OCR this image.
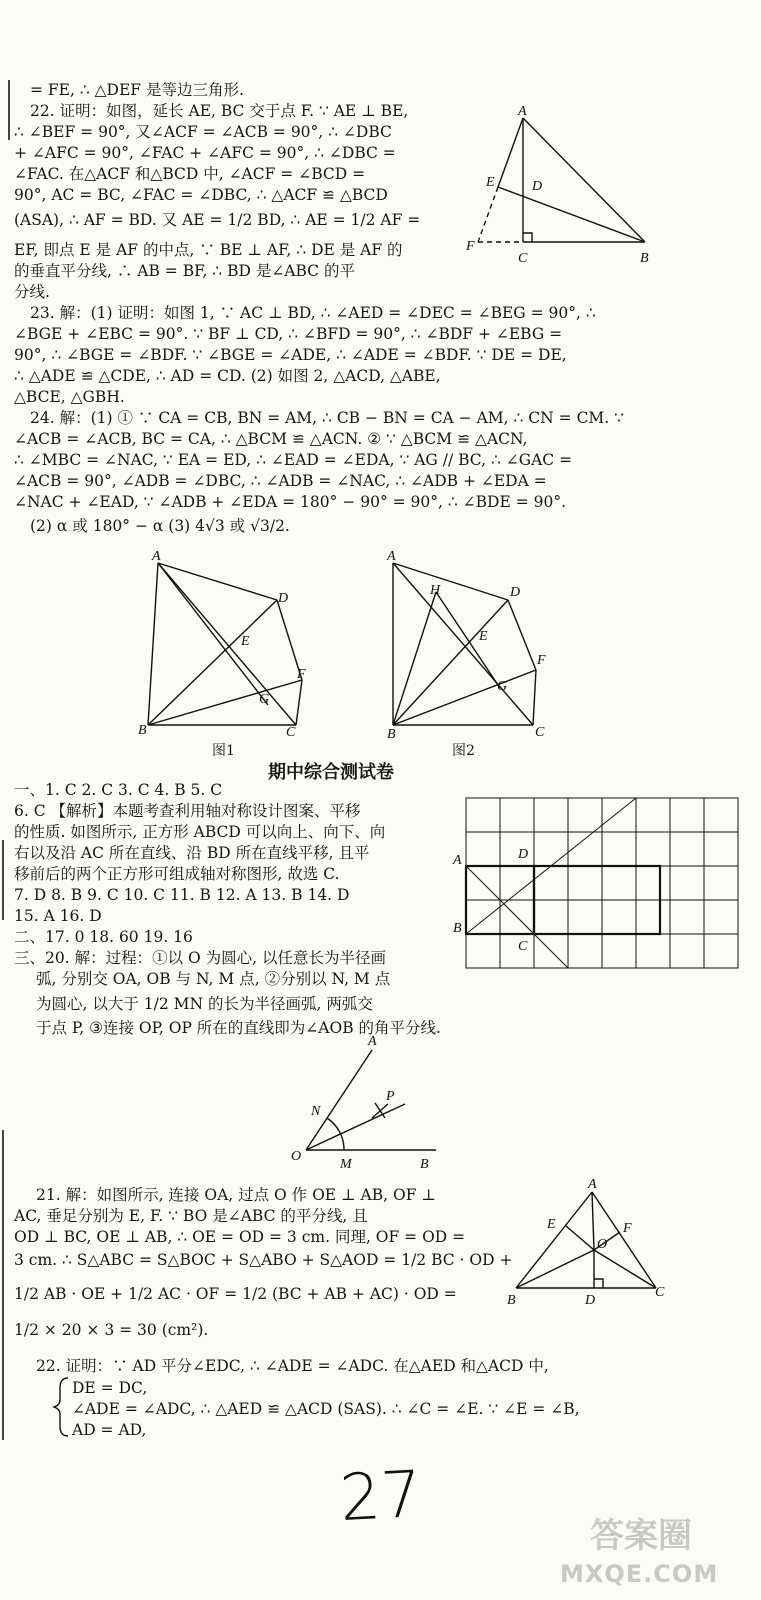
= FE, ∴ △DEF 是等边三角形.
22. 证明：如图，延长 AE, BC 交于点 F. ∵ AE ⊥ BE,
∴ ∠BEF = 90°, 又∠ACF = ∠ACB = 90°, ∴ ∠DBC
+ ∠AFC = 90°, ∠FAC + ∠AFC = 90°, ∴ ∠DBC =
∠FAC. 在△ACF 和△BCD 中, ∠ACF = ∠BCD =
90°, AC = BC, ∠FAC = ∠DBC, ∴ △ACF ≌ △BCD
(ASA), ∴ AF = BD. 又 AE = 1/2 BD, ∴ AE = 1/2 AF =
EF, 即点 E 是 AF 的中点, ∵ BE ⊥ AF, ∴ DE 是 AF 的
的垂直平分线, ∴ AB = BF, ∴ BD 是∠ABC 的平
分线.
23. 解：(1) 证明：如图 1, ∵ AC ⊥ BD, ∴ ∠AED = ∠DEC = ∠BEG = 90°, ∴
∠BGE + ∠EBC = 90°. ∵ BF ⊥ CD, ∴ ∠BFD = 90°, ∴ ∠BDF + ∠EBG =
90°, ∴ ∠BGE = ∠BDF. ∵ ∠BGE = ∠ADE, ∴ ∠ADE = ∠BDF. ∵ DE = DE,
∴ △ADE ≌ △CDE, ∴ AD = CD. (2) 如图 2, △ACD, △ABE,
△BCE, △GBH.
24. 解：(1) ① ∵ CA = CB, BN = AM, ∴ CB − BN = CA − AM, ∴ CN = CM. ∵
∠ACB = ∠ACB, BC = CA, ∴ △BCM ≌ △ACN. ② ∵ △BCM ≌ △ACN,
∴ ∠MBC = ∠NAC, ∵ EA = ED, ∴ ∠EAD = ∠EDA, ∵ AG // BC, ∴ ∠GAC =
∠ACB = 90°, ∠ADB = ∠DBC, ∴ ∠ADB = ∠NAC, ∴ ∠ADB + ∠EDA =
∠NAC + ∠EAD, ∵ ∠ADB + ∠EDA = 180° − 90° = 90°, ∴ ∠BDE = 90°.
(2) α 或 180° − α (3) 4√3 或 √3/2.
A
E	D
F
C	B
A
D
E
F
G
B	C
A
D
H
E
F
G
B	C
A	D
B
C
A
N
P
O
M	B
A
E	F
O
B	D
C
图1	图2
期中综合测试卷
一、1. C 2. C 3. C 4. B 5. C
6. C 【解析】本题考查利用轴对称设计图案、平移
的性质. 如图所示, 正方形 ABCD 可以向上、向下、向
右以及沿 AC 所在直线、沿 BD 所在直线平移, 且平
移前后的两个正方形可组成轴对称图形, 故选 C.
7. D 8. B 9. C 10. C 11. B 12. A 13. B 14. D
15. A 16. D
二、17. 0 18. 60 19. 16
三、20. 解：过程：①以 O 为圆心, 以任意长为半径画
弧, 分别交 OA, OB 与 N, M 点, ②分别以 N, M 点
为圆心, 以大于 1/2 MN 的长为半径画弧, 两弧交
于点 P, ③连接 OP, OP 所在的直线即为∠AOB 的角平分线.
21. 解：如图所示, 连接 OA, 过点 O 作 OE ⊥ AB, OF ⊥
AC, 垂足分别为 E, F. ∵ BO 是∠ABC 的平分线, 且
OD ⊥ BC, OE ⊥ AB, ∴ OE = OD = 3 cm. 同理, OF = OD =
3 cm. ∴ S△ABC = S△BOC + S△ABO + S△AOD = 1/2 BC · OD +
1/2 AB · OE + 1/2 AC · OF = 1/2 (BC + AB + AC) · OD =
1/2 × 20 × 3 = 30 (cm²).
22. 证明：∵ AD 平分∠EDC, ∴ ∠ADE = ∠ADC. 在△AED 和△ACD 中,
DE = DC,
∠ADE = ∠ADC, ∴ △AED ≌ △ACD (SAS). ∴ ∠C = ∠E. ∵ ∠E = ∠B,
AD = AD,
27	答案圈
MXQE.COM
